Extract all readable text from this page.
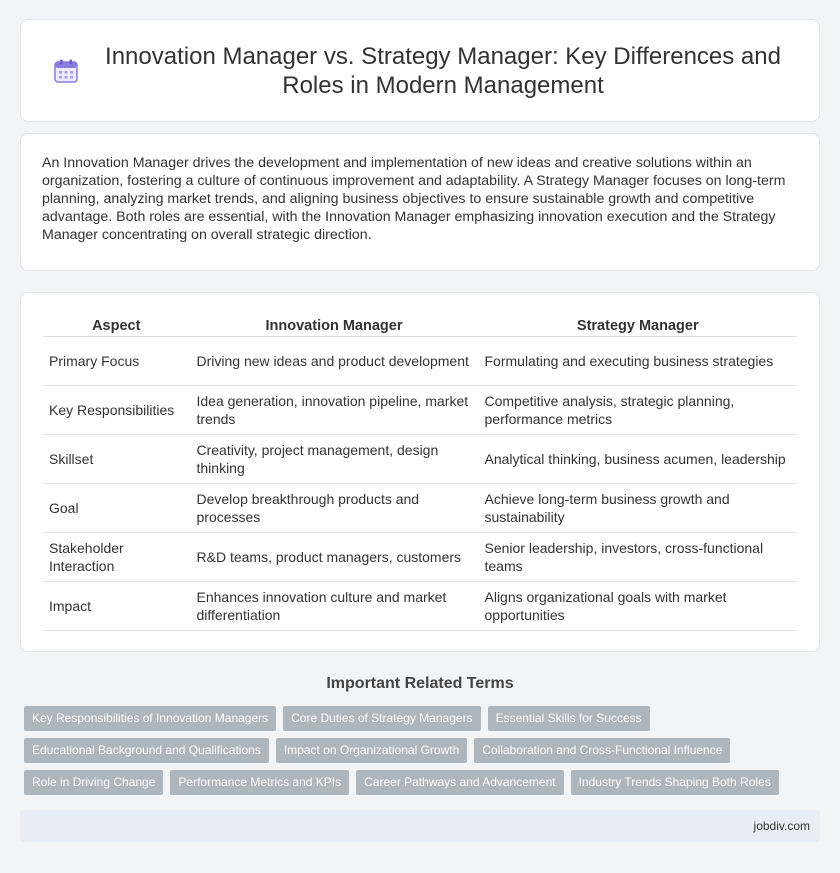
Innovation Manager vs. Strategy Manager: Key Differences and Roles in Modern Management

An Innovation Manager drives the development and implementation of new ideas and creative solutions within an organization, fostering a culture of continuous improvement and adaptability. A Strategy Manager focuses on long-term planning, analyzing market trends, and aligning business objectives to ensure sustainable growth and competitive advantage. Both roles are essential, with the Innovation Manager emphasizing innovation execution and the Strategy Manager concentrating on overall strategic direction.

Aspect	Innovation Manager	Strategy Manager
Primary Focus	Driving new ideas and product development	Formulating and executing business strategies
Key Responsibilities	Idea generation, innovation pipeline, market trends	Competitive analysis, strategic planning, performance metrics
Skillset	Creativity, project management, design thinking	Analytical thinking, business acumen, leadership
Goal	Develop breakthrough products and processes	Achieve long-term business growth and sustainability
Stakeholder Interaction	R&D teams, product managers, customers	Senior leadership, investors, cross-functional teams
Impact	Enhances innovation culture and market differentiation	Aligns organizational goals with market opportunities
Important Related Terms
Key Responsibilities of Innovation Managers	Core Duties of Strategy Managers	Essential Skills for Success
Educational Background and Qualifications	Impact on Organizational Growth	Collaboration and Cross-Functional Influence
Role in Driving Change	Performance Metrics and KPIs	Career Pathways and Advancement	Industry Trends Shaping Both Roles
jobdiv.com
